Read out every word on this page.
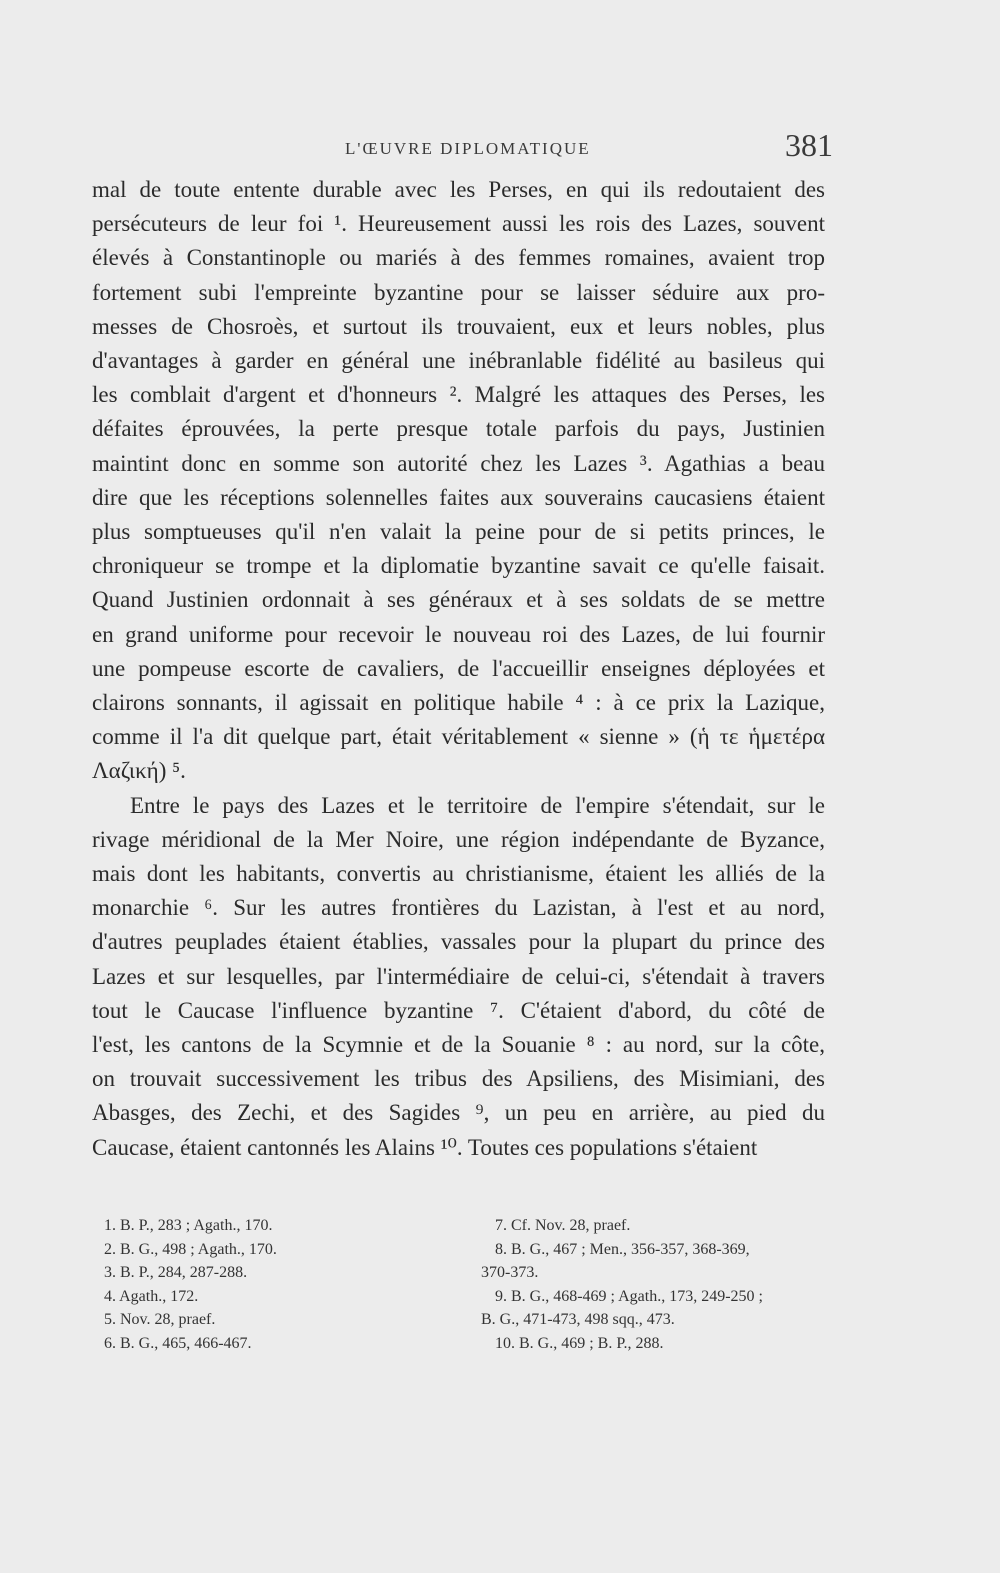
L'ŒUVRE DIPLOMATIQUE	381
mal de toute entente durable avec les Perses, en qui ils redoutaient des
persécuteurs de leur foi ¹. Heureusement aussi les rois des Lazes, souvent
élevés à Constantinople ou mariés à des femmes romaines, avaient trop
fortement subi l'empreinte byzantine pour se laisser séduire aux pro-
messes de Chosroès, et surtout ils trouvaient, eux et leurs nobles, plus
d'avantages à garder en général une inébranlable fidélité au basileus qui
les comblait d'argent et d'honneurs ². Malgré les attaques des Perses, les
défaites éprouvées, la perte presque totale parfois du pays, Justinien
maintint donc en somme son autorité chez les Lazes ³. Agathias a beau
dire que les réceptions solennelles faites aux souverains caucasiens étaient
plus somptueuses qu'il n'en valait la peine pour de si petits princes, le
chroniqueur se trompe et la diplomatie byzantine savait ce qu'elle faisait.
Quand Justinien ordonnait à ses généraux et à ses soldats de se mettre
en grand uniforme pour recevoir le nouveau roi des Lazes, de lui fournir
une pompeuse escorte de cavaliers, de l'accueillir enseignes déployées et
clairons sonnants, il agissait en politique habile ⁴ : à ce prix la Lazique,
comme il l'a dit quelque part, était véritablement « sienne » (ἡ τε ἡμετέρα
Λαζική) ⁵.
Entre le pays des Lazes et le territoire de l'empire s'étendait, sur le
rivage méridional de la Mer Noire, une région indépendante de Byzance,
mais dont les habitants, convertis au christianisme, étaient les alliés de la
monarchie ⁶. Sur les autres frontières du Lazistan, à l'est et au nord,
d'autres peuplades étaient établies, vassales pour la plupart du prince des
Lazes et sur lesquelles, par l'intermédiaire de celui-ci, s'étendait à travers
tout le Caucase l'influence byzantine ⁷. C'étaient d'abord, du côté de
l'est, les cantons de la Scymnie et de la Souanie ⁸ : au nord, sur la côte,
on trouvait successivement les tribus des Apsiliens, des Misimiani, des
Abasges, des Zechi, et des Sagides ⁹, un peu en arrière, au pied du
Caucase, étaient cantonnés les Alains ¹⁰. Toutes ces populations s'étaient
1. B. P., 283 ; Agath., 170.
2. B. G., 498 ; Agath., 170.
3. B. P., 284, 287-288.
4. Agath., 172.
5. Nov. 28, praef.
6. B. G., 465, 466-467.
7. Cf. Nov. 28, praef.
8. B. G., 467 ; Men., 356-357, 368-369,
370-373.
9. B. G., 468-469 ; Agath., 173, 249-250 ;
B. G., 471-473, 498 sqq., 473.
10. B. G., 469 ; B. P., 288.
